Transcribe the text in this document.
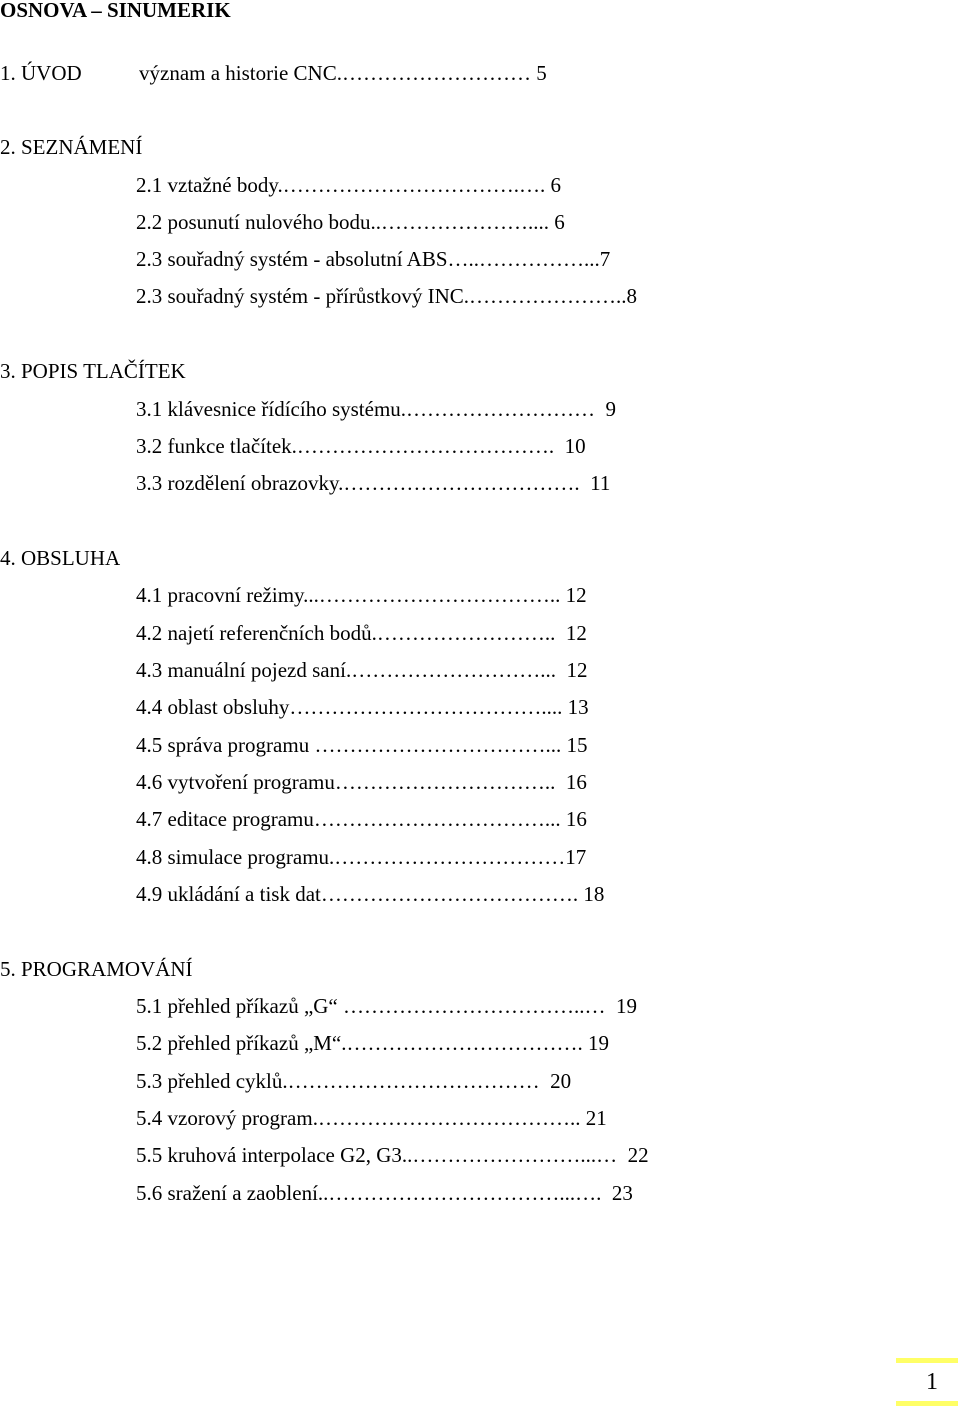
OSNOVA – SINUMERIK
1. ÚVOD	význam a historie CNC.……………………… 5
2. SEZNÁMENÍ
2.1 vztažné body.…………………………….…. 6
2.2 posunutí nulového bodu..………………….... 6
2.3 souřadný systém - absolutní ABS…..……………...7
2.3 souřadný systém - přírůstkový INC.…………………..8
3. POPIS TLAČÍTEK
3.1 klávesnice řídícího systému.………………………  9
3.2 funkce tlačítek.……………………………….  10
3.3 rozdělení obrazovky.…………………………….  11
4. OBSLUHA
4.1 pracovní režimy...…………………………….. 12
4.2 najetí referenčních bodů.……………………..  12
4.3 manuální pojezd saní.………………………...  12
4.4 oblast obsluhy……………………………….... 13
4.5 správa programu ……………………………... 15
4.6 vytvoření programu…………………………..  16
4.7 editace programu……………………………... 16
4.8 simulace programu.……………………………17
4.9 ukládání a tisk dat………………………………. 18
5. PROGRAMOVÁNÍ
5.1 přehled příkazů „G“ ……………………………..…  19
5.2 přehled příkazů „M“.……………………………. 19
5.3 přehled cyklů.………………………………  20
5.4 vzorový program.……………………………….. 21
5.5 kruhová interpolace G2, G3..……………………...…  22
5.6 sražení a zaoblení..……………………………...….  23
1
